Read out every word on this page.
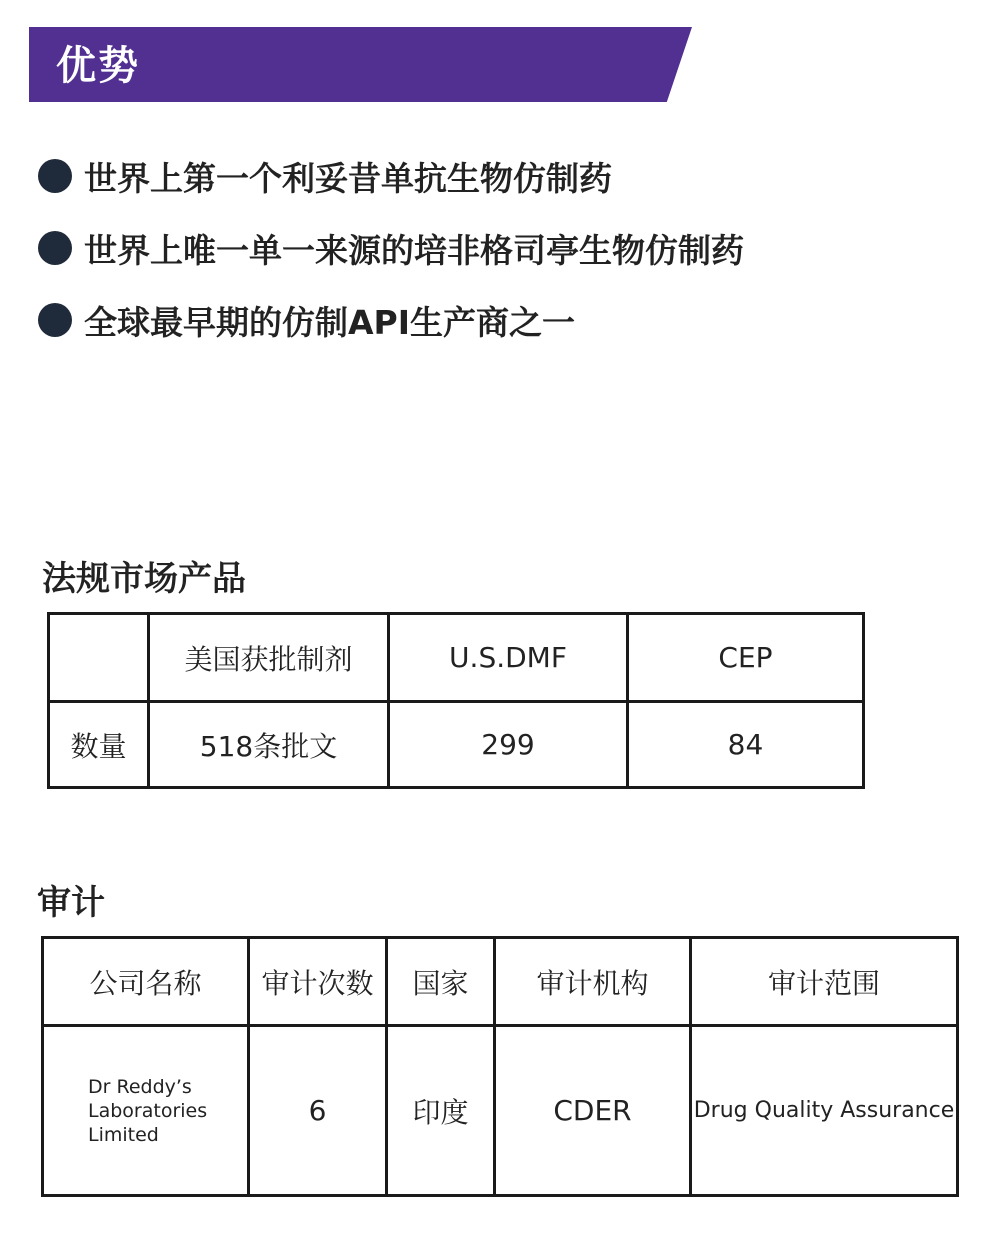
优势
世界上第一个利妥昔单抗生物仿制药
世界上唯一单一来源的培非格司亭生物仿制药
全球最早期的仿制API生产商之一
法规市场产品
	美国获批制剂	U.S.DMF	CEP
数量	518条批文	299	84
审计
公司名称	审计次数	国家	审计机构	审计范围

Dr Reddy’s
Laboratories
Limited	6	印度	CDER	Drug Quality Assurance
